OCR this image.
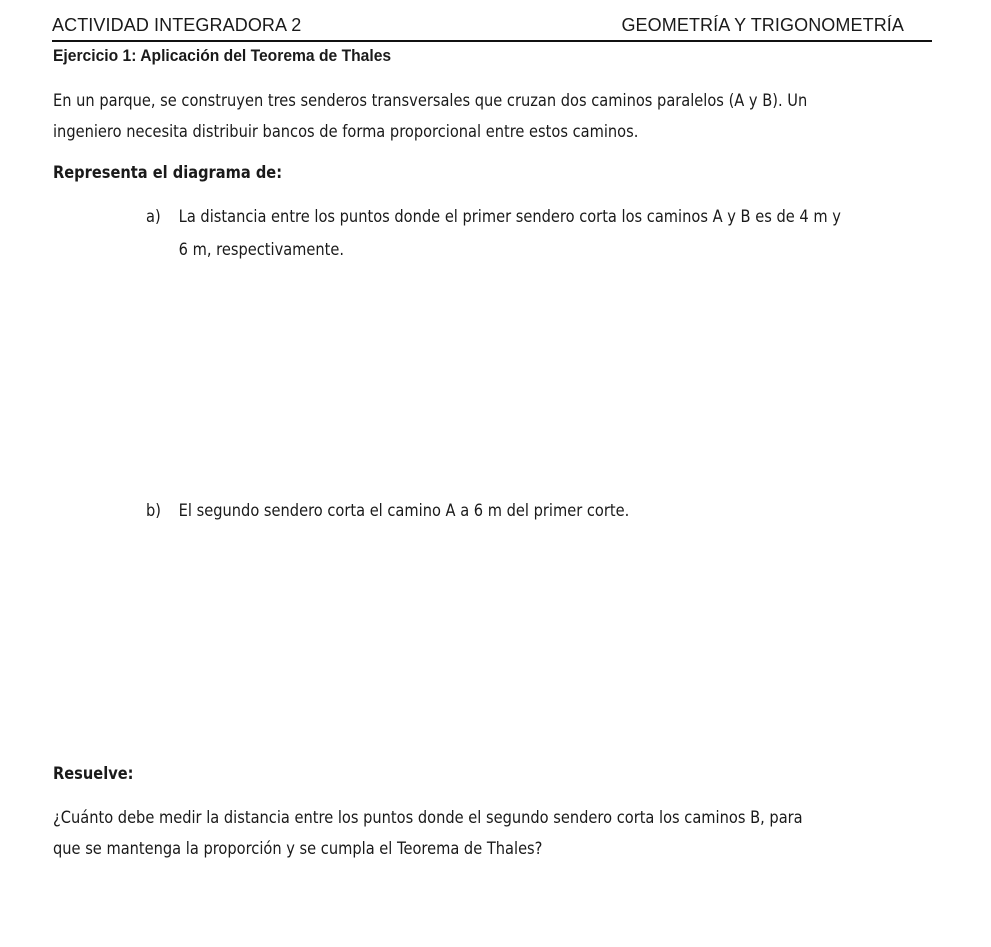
ACTIVIDAD INTEGRADORA 2	GEOMETRÍA Y TRIGONOMETRÍA
Ejercicio 1: Aplicación del Teorema de Thales
En un parque, se construyen tres senderos transversales que cruzan dos caminos paralelos (A y B). Un
ingeniero necesita distribuir bancos de forma proporcional entre estos caminos.
Representa el diagrama de:
a) La distancia entre los puntos donde el primer sendero corta los caminos A y B es de 4 m y
6 m, respectivamente.
b) El segundo sendero corta el camino A a 6 m del primer corte.
Resuelve:
¿Cuánto debe medir la distancia entre los puntos donde el segundo sendero corta los caminos B, para
que se mantenga la proporción y se cumpla el Teorema de Thales?
